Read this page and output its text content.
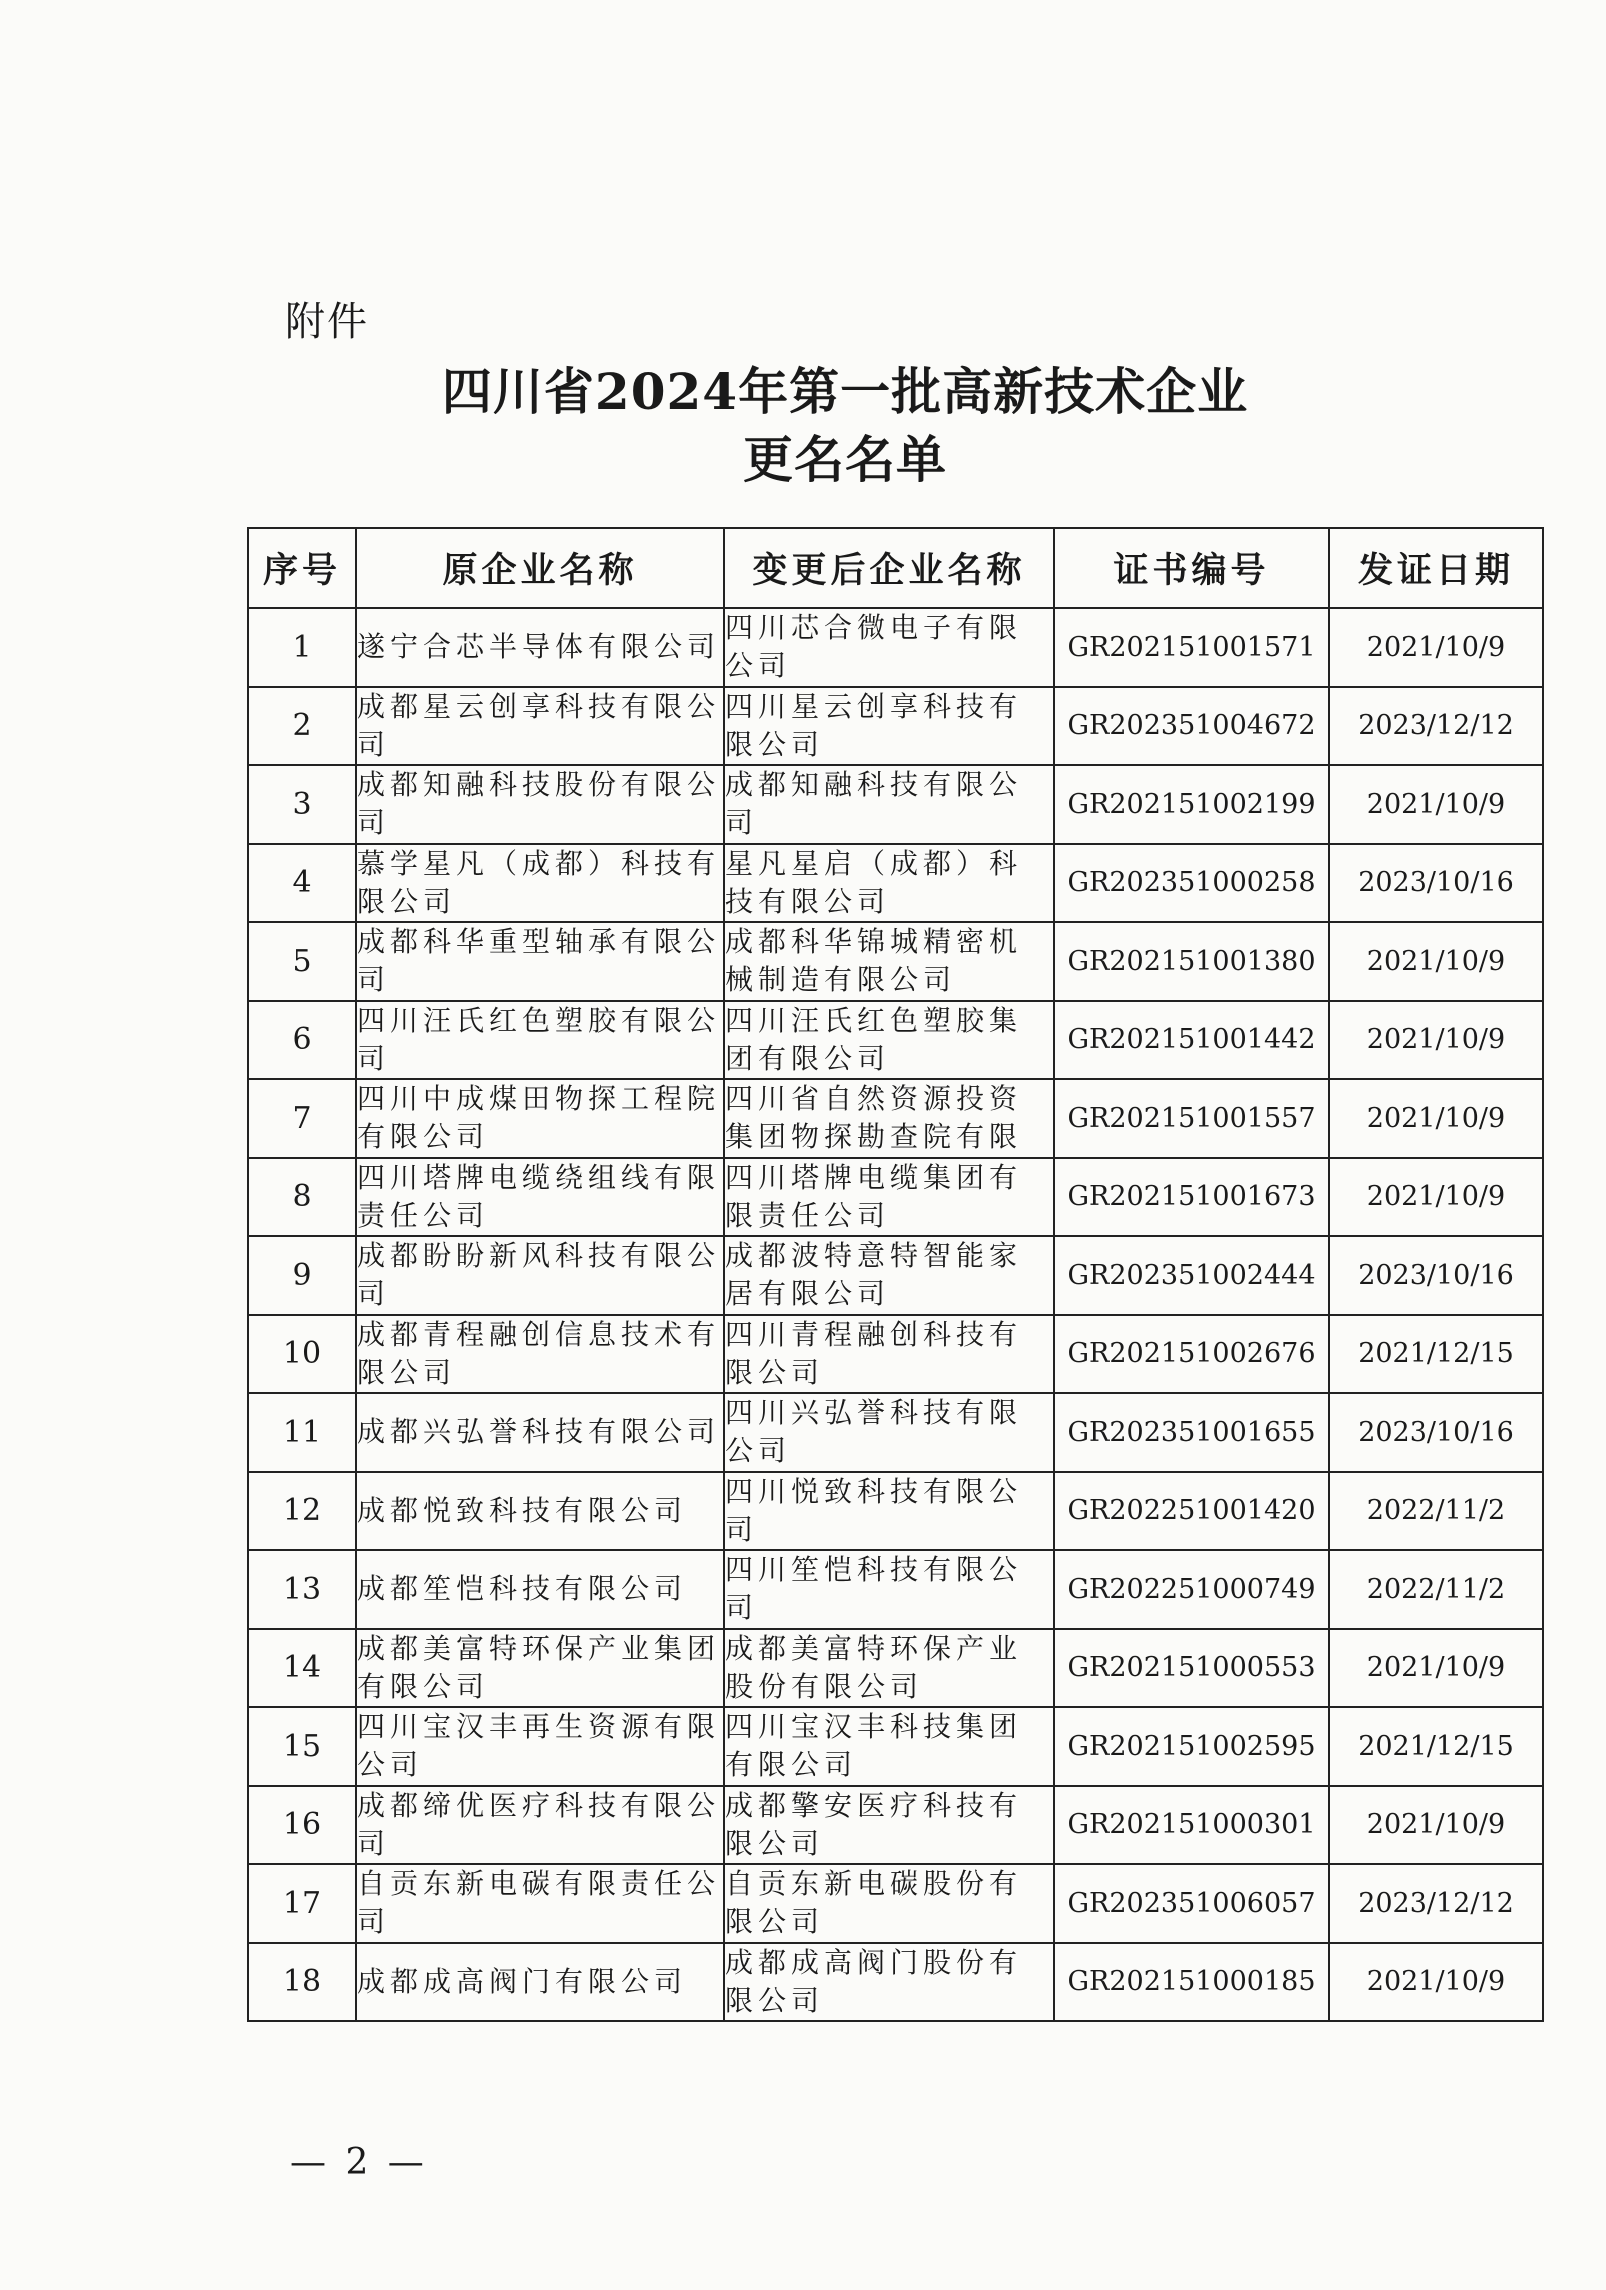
附件
四川省2024年第一批高新技术企业
更名名单
序号	原企业名称	变更后企业名称	证书编号	发证日期
1	遂宁合芯半导体有限公司	四川芯合微电子有限公司	GR202151001571	2021/10/9
2	成都星云创享科技有限公司	四川星云创享科技有限公司	GR202351004672	2023/12/12
3	成都知融科技股份有限公司	成都知融科技有限公司	GR202151002199	2021/10/9
4	慕学星凡（成都）科技有限公司	星凡星启（成都）科技有限公司	GR202351000258	2023/10/16
5	成都科华重型轴承有限公司	成都科华锦城精密机械制造有限公司	GR202151001380	2021/10/9
6	四川汪氏红色塑胶有限公司	四川汪氏红色塑胶集团有限公司	GR202151001442	2021/10/9
7	四川中成煤田物探工程院有限公司	四川省自然资源投资集团物探勘查院有限	GR202151001557	2021/10/9
8	四川塔牌电缆绕组线有限责任公司	四川塔牌电缆集团有限责任公司	GR202151001673	2021/10/9
9	成都盼盼新风科技有限公司	成都波特意特智能家居有限公司	GR202351002444	2023/10/16
10	成都青程融创信息技术有限公司	四川青程融创科技有限公司	GR202151002676	2021/12/15
11	成都兴弘誉科技有限公司	四川兴弘誉科技有限公司	GR202351001655	2023/10/16
12	成都悦致科技有限公司	四川悦致科技有限公司	GR202251001420	2022/11/2
13	成都笙恺科技有限公司	四川笙恺科技有限公司	GR202251000749	2022/11/2
14	成都美富特环保产业集团有限公司	成都美富特环保产业股份有限公司	GR202151000553	2021/10/9
15	四川宝汉丰再生资源有限公司	四川宝汉丰科技集团有限公司	GR202151002595	2021/12/15
16	成都缔优医疗科技有限公司	成都擎安医疗科技有限公司	GR202151000301	2021/10/9
17	自贡东新电碳有限责任公司	自贡东新电碳股份有限公司	GR202351006057	2023/12/12
18	成都成高阀门有限公司	成都成高阀门股份有限公司	GR202151000185	2021/10/9
— 2 —
